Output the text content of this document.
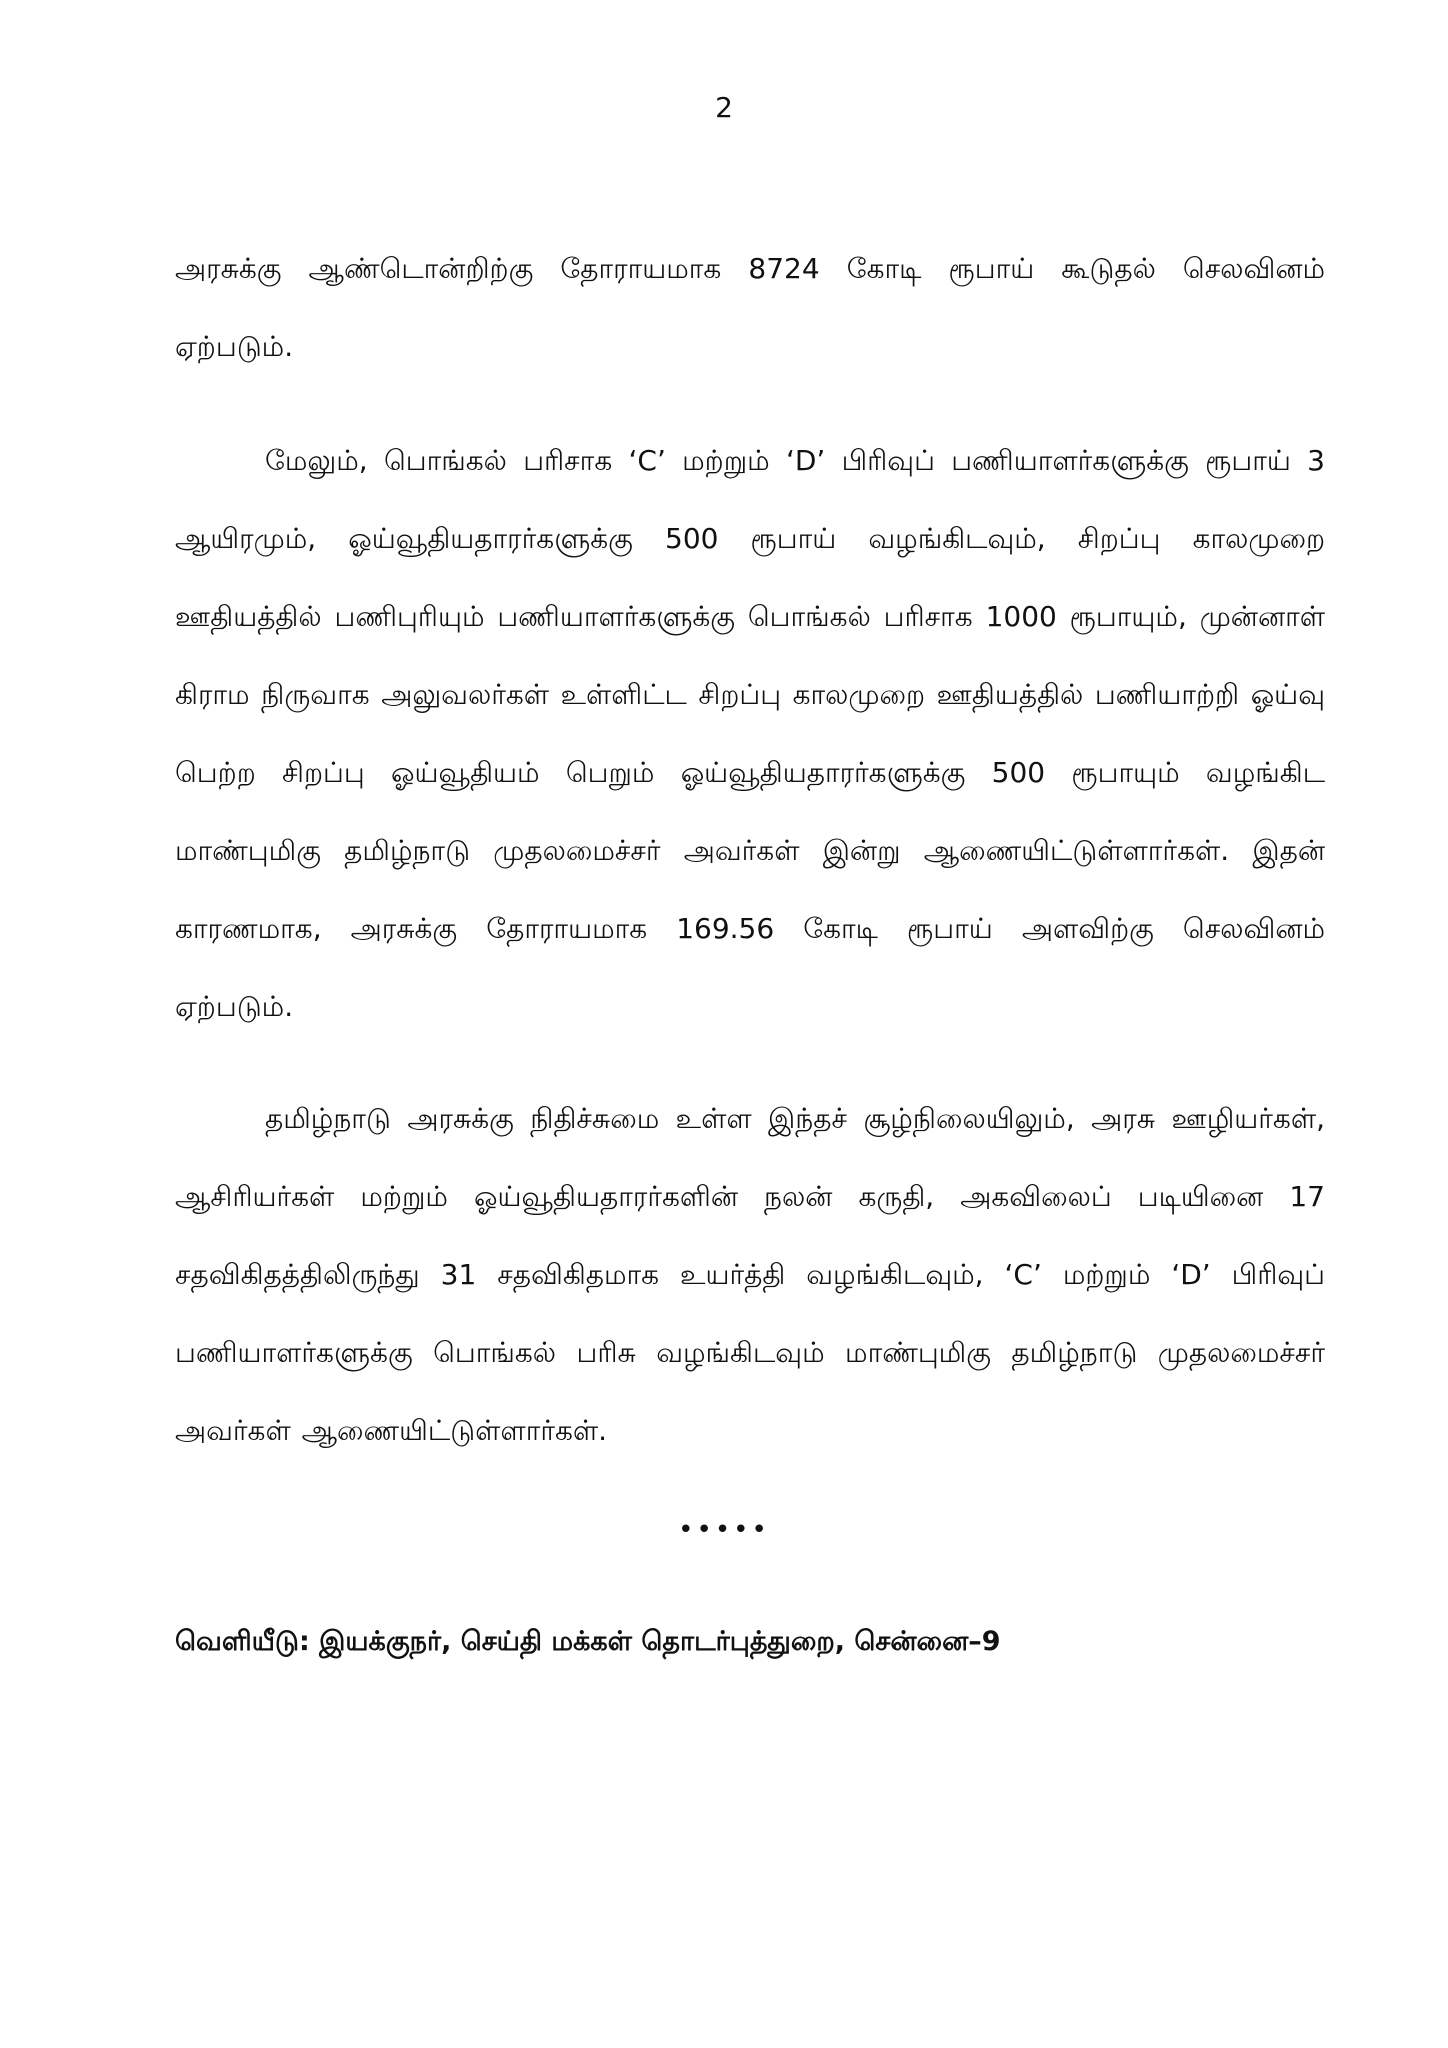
2

அரசுக்கு ஆண்டொன்றிற்கு தோராயமாக 8724 கோடி ரூபாய் கூடுதல் செலவினம் ஏற்படும்.

மேலும், பொங்கல் பரிசாக ‘C’ மற்றும் ‘D’ பிரிவுப் பணியாளர்களுக்கு ரூபாய் 3 ஆயிரமும், ஓய்வூதியதாரர்களுக்கு 500 ரூபாய் வழங்கிடவும், சிறப்பு காலமுறை ஊதியத்தில் பணிபுரியும் பணியாளர்களுக்கு பொங்கல் பரிசாக 1000 ரூபாயும், முன்னாள் கிராம நிருவாக அலுவலர்கள் உள்ளிட்ட சிறப்பு காலமுறை ஊதியத்தில் பணியாற்றி ஓய்வு பெற்ற சிறப்பு ஓய்வூதியம் பெறும் ஓய்வூதியதாரர்களுக்கு 500 ரூபாயும் வழங்கிட மாண்புமிகு தமிழ்நாடு முதலமைச்சர் அவர்கள் இன்று ஆணையிட்டுள்ளார்கள். இதன் காரணமாக, அரசுக்கு தோராயமாக 169.56 கோடி ரூபாய் அளவிற்கு செலவினம் ஏற்படும்.

தமிழ்நாடு அரசுக்கு நிதிச்சுமை உள்ள இந்தச் சூழ்நிலையிலும், அரசு ஊழியர்கள், ஆசிரியர்கள் மற்றும் ஓய்வூதியதாரர்களின் நலன் கருதி, அகவிலைப் படியினை 17 சதவிகிதத்திலிருந்து 31 சதவிகிதமாக உயர்த்தி வழங்கிடவும், ‘C’ மற்றும் ‘D’ பிரிவுப் பணியாளர்களுக்கு பொங்கல் பரிசு வழங்கிடவும் மாண்புமிகு தமிழ்நாடு முதலமைச்சர் அவர்கள் ஆணையிட்டுள்ளார்கள்.

•••••
வெளியீடு: இயக்குநர், செய்தி மக்கள் தொடர்புத்துறை, சென்னை–9
